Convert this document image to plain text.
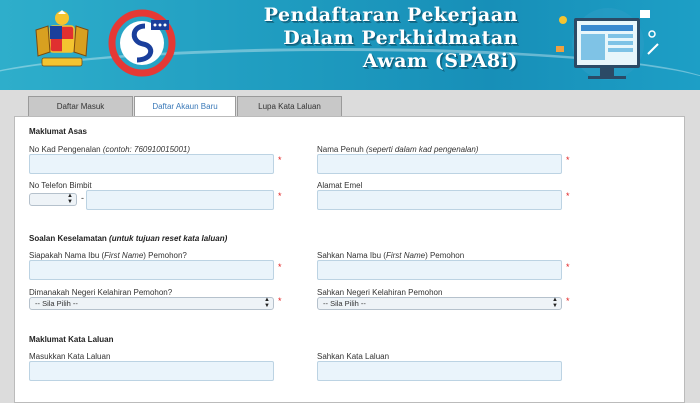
Pendaftaran Pekerjaan
Dalam Perkhidmatan
Awam (SPA8i)
Daftar Masuk	Daftar Akaun Baru	Lupa Kata Laluan
Maklumat Asas
No Kad Pengenalan (contoh: 760910015001)
*
Nama Penuh (seperti dalam kad pengenalan)
*
No Telefon Bimbit
▲
▼ -	*
Alamat Emel
*
Soalan Keselamatan (untuk tujuan reset kata laluan)
Siapakah Nama Ibu (First Name) Pemohon?
*
Sahkan Nama Ibu (First Name) Pemohon
*
Dimanakah Negeri Kelahiran Pemohon?
-- Sila Pilih --	▲
▼ *
Sahkan Negeri Kelahiran Pemohon
-- Sila Pilih --	▲
▼ *
Maklumat Kata Laluan
Masukkan Kata Laluan	Sahkan Kata Laluan
